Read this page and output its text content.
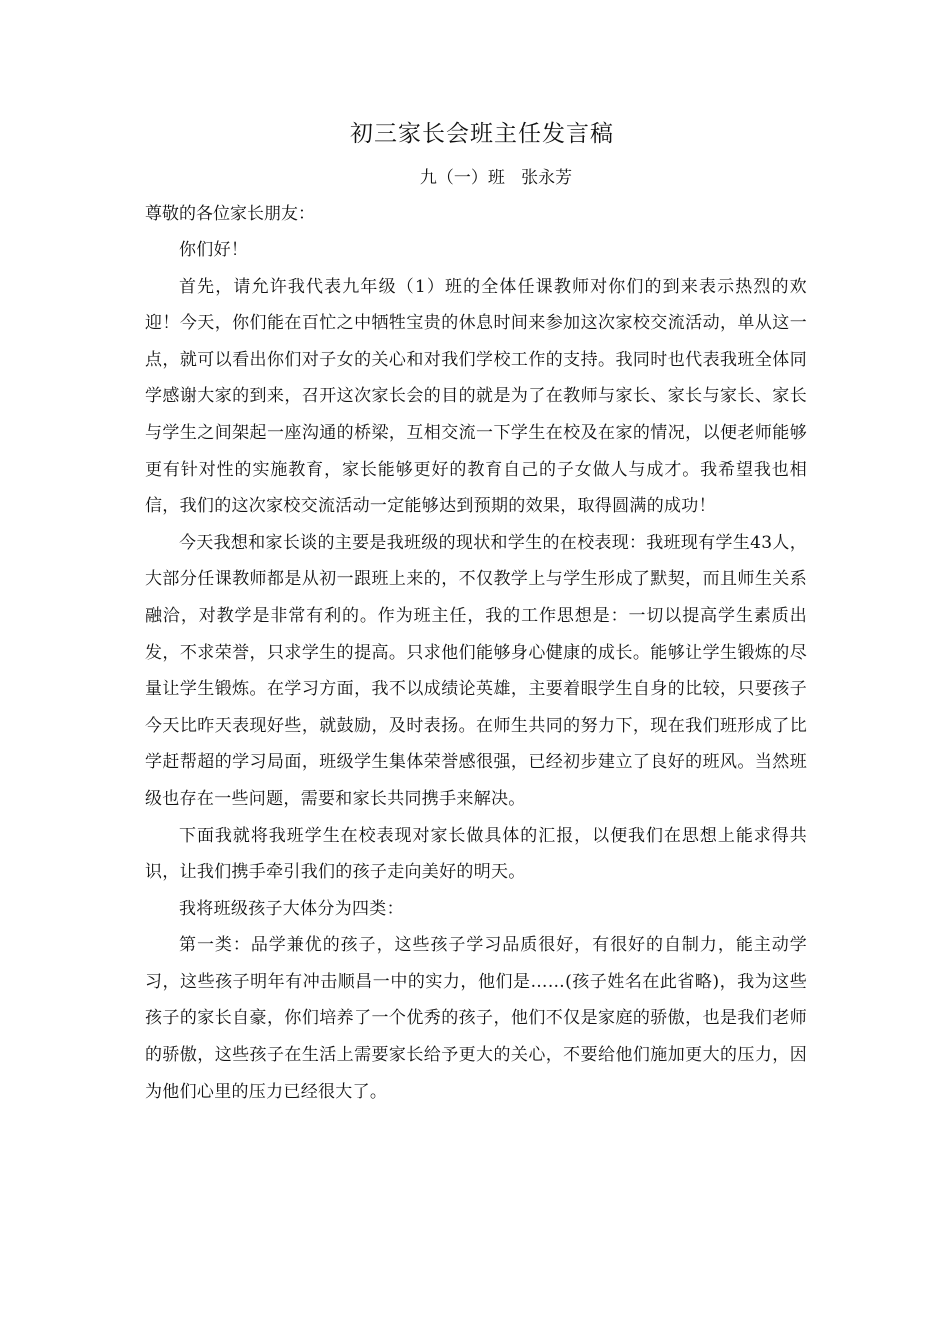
初三家长会班主任发言稿

九（一）班   张永芳

尊敬的各位家长朋友：

你们好！

首先，请允许我代表九年级（1）班的全体任课教师对你们的到来表示热烈的欢迎！今天，你们能在百忙之中牺牲宝贵的休息时间来参加这次家校交流活动，单从这一点，就可以看出你们对子女的关心和对我们学校工作的支持。我同时也代表我班全体同学感谢大家的到来，召开这次家长会的目的就是为了在教师与家长、家长与家长、家长与学生之间架起一座沟通的桥梁，互相交流一下学生在校及在家的情况，以便老师能够更有针对性的实施教育，家长能够更好的教育自己的子女做人与成才。我希望我也相信，我们的这次家校交流活动一定能够达到预期的效果，取得圆满的成功！

今天我想和家长谈的主要是我班级的现状和学生的在校表现：我班现有学生43人，大部分任课教师都是从初一跟班上来的，不仅教学上与学生形成了默契，而且师生关系融洽，对教学是非常有利的。作为班主任，我的工作思想是：一切以提高学生素质出发，不求荣誉，只求学生的提高。只求他们能够身心健康的成长。能够让学生锻炼的尽量让学生锻炼。在学习方面，我不以成绩论英雄，主要着眼学生自身的比较，只要孩子今天比昨天表现好些，就鼓励，及时表扬。在师生共同的努力下，现在我们班形成了比学赶帮超的学习局面，班级学生集体荣誉感很强，已经初步建立了良好的班风。当然班级也存在一些问题，需要和家长共同携手来解决。

下面我就将我班学生在校表现对家长做具体的汇报，以便我们在思想上能求得共识，让我们携手牵引我们的孩子走向美好的明天。

我将班级孩子大体分为四类：

第一类：品学兼优的孩子，这些孩子学习品质很好，有很好的自制力，能主动学习，这些孩子明年有冲击顺昌一中的实力，他们是……(孩子姓名在此省略)，我为这些孩子的家长自豪，你们培养了一个优秀的孩子，他们不仅是家庭的骄傲，也是我们老师的骄傲，这些孩子在生活上需要家长给予更大的关心，不要给他们施加更大的压力，因为他们心里的压力已经很大了。
